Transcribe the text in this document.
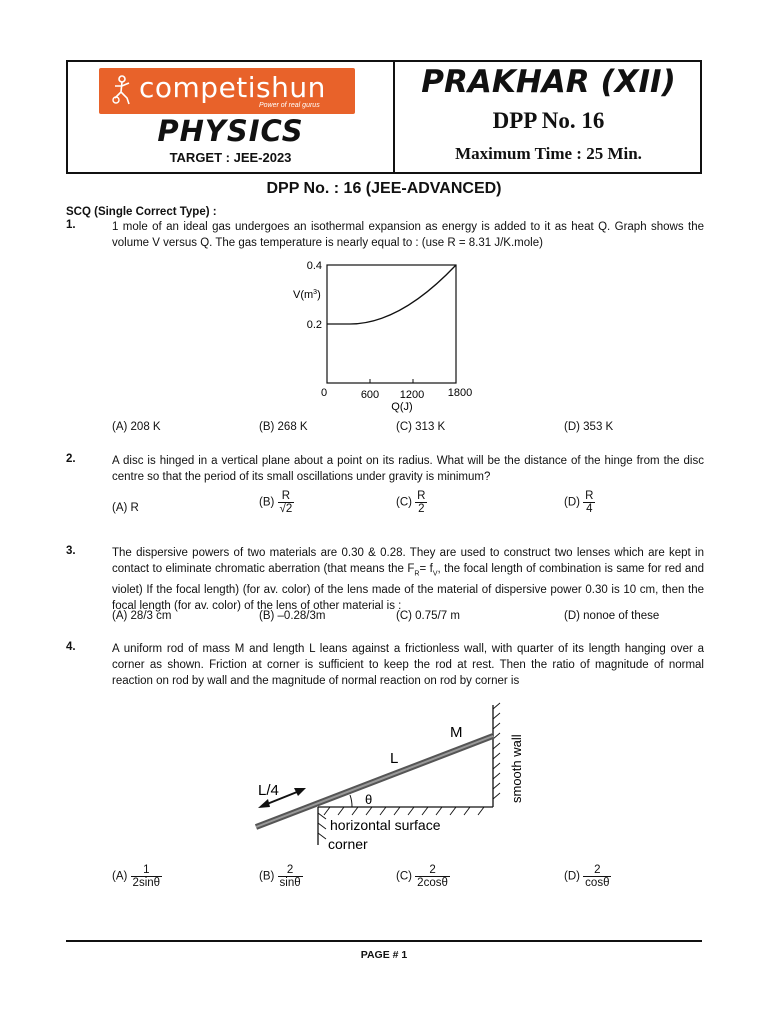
competishun
Power of real gurus
PHYSICS
TARGET : JEE-2023
PRAKHAR (XII)
DPP No. 16
Maximum Time : 25 Min.
DPP No. : 16 (JEE-ADVANCED)
SCQ (Single Correct Type) :
1.	1 mole of an ideal gas undergoes an isothermal expansion as energy is added to it as heat Q. Graph shows the volume V versus Q. The gas temperature is nearly equal to : (use R = 8.31 J/K.mole)
0.4
0.2
$V(m^3)$
0	600 1200 1800
Q(J)
(A) 208 K	(B) 268 K	(C) 313 K	(D) 353 K
2.	A disc is hinged in a vertical plane about a point on its radius. What will be the distance of the hinge from the disc centre so that the period of its small oscillations under gravity is minimum?
(A) R	$(B) \frac{R}{√2}$	$(C) \frac{R}{2}$	$(D) \frac{R}{4}$
3.	The dispersive powers of two materials are 0.30 & 0.28. They are used to construct two lenses which are kept in contact to eliminate chromatic aberration (that means the $F_R= f_V$, the focal length of combination is same for red and violet) If the focal length) (for av. color) of the lens made of the material of dispersive power 0.30 is 10 cm, then the focal length (for av. color) of the lens of other material is :
(A) 28/3 cm	(B) –0.28/3m	(C) 0.75/7 m	(D) nonoe of these
4.	A uniform rod of mass M and length L leans against a frictionless wall, with quarter of its length hanging over a corner as shown. Friction at corner is sufficient to keep the rod at rest. Then the ratio of magnitude of normal reaction on rod by wall and the magnitude of normal reaction on rod by corner is
L/4
L
M
θ
horizontal surface
corner
smooth wall
$(A) \frac{1}{2\sin\theta}$	$(B) \frac{2}{\sin\theta}$	$(C) \frac{2}{2\cos\theta}$	$(D) \frac{2}{\cos\theta}$
PAGE # 1
